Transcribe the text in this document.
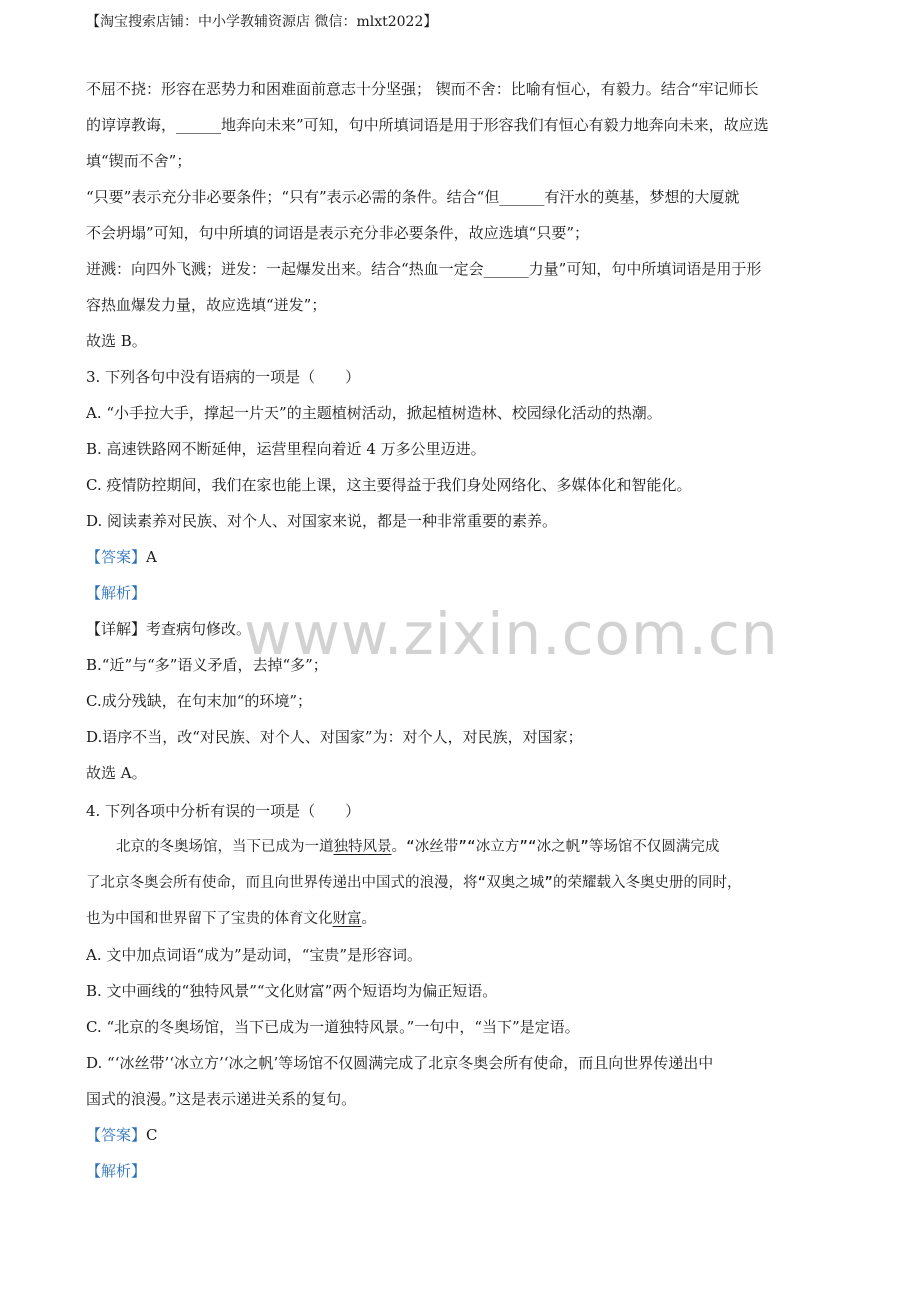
【淘宝搜索店铺：中小学教辅资源店 微信：mlxt2022】
www.zixin.com.cn
不屈不挠：形容在恶势力和困难面前意志十分坚强； 锲而不舍：比喻有恒心，有毅力。结合“牢记师长
的谆谆教诲，______地奔向未来”可知，句中所填词语是用于形容我们有恒心有毅力地奔向未来，故应选
填“锲而不舍”；
“只要”表示充分非必要条件；“只有”表示必需的条件。结合“但______有汗水的奠基，梦想的大厦就
不会坍塌”可知，句中所填的词语是表示充分非必要条件，故应选填“只要”；
迸溅：向四外飞溅；迸发：一起爆发出来。结合“热血一定会______力量”可知，句中所填词语是用于形
容热血爆发力量，故应选填“迸发”；
故选 B。
3. 下列各句中没有语病的一项是（　　）
A. “小手拉大手，撑起一片天”的主题植树活动，掀起植树造林、校园绿化活动的热潮。
B. 高速铁路网不断延伸，运营里程向着近 4 万多公里迈进。
C. 疫情防控期间，我们在家也能上课，这主要得益于我们身处网络化、多媒体化和智能化。
D. 阅读素养对民族、对个人、对国家来说，都是一种非常重要的素养。
【答案】A
【解析】
【详解】考查病句修改。
B.“近”与“多”语义矛盾，去掉“多”；
C.成分残缺，在句末加“的环境”；
D.语序不当，改“对民族、对个人、对国家”为：对个人，对民族，对国家；
故选 A。
4. 下列各项中分析有误的一项是（　　）
北京的冬奥场馆，当下已成为一道独特风景。“冰丝带”“冰立方”“冰之帆”等场馆不仅圆满完成
了北京冬奥会所有使命，而且向世界传递出中国式的浪漫，将“双奥之城”的荣耀载入冬奥史册的同时，
也为中国和世界留下了宝贵的体育文化财富。
A. 文中加点词语“成为”是动词，“宝贵”是形容词。
B. 文中画线的“独特风景”“文化财富”两个短语均为偏正短语。
C. “北京的冬奥场馆，当下已成为一道独特风景。”一句中，“当下”是定语。
D. “‘冰丝带’‘冰立方’‘冰之帆’等场馆不仅圆满完成了北京冬奥会所有使命，而且向世界传递出中
国式的浪漫。”这是表示递进关系的复句。
【答案】C
【解析】
